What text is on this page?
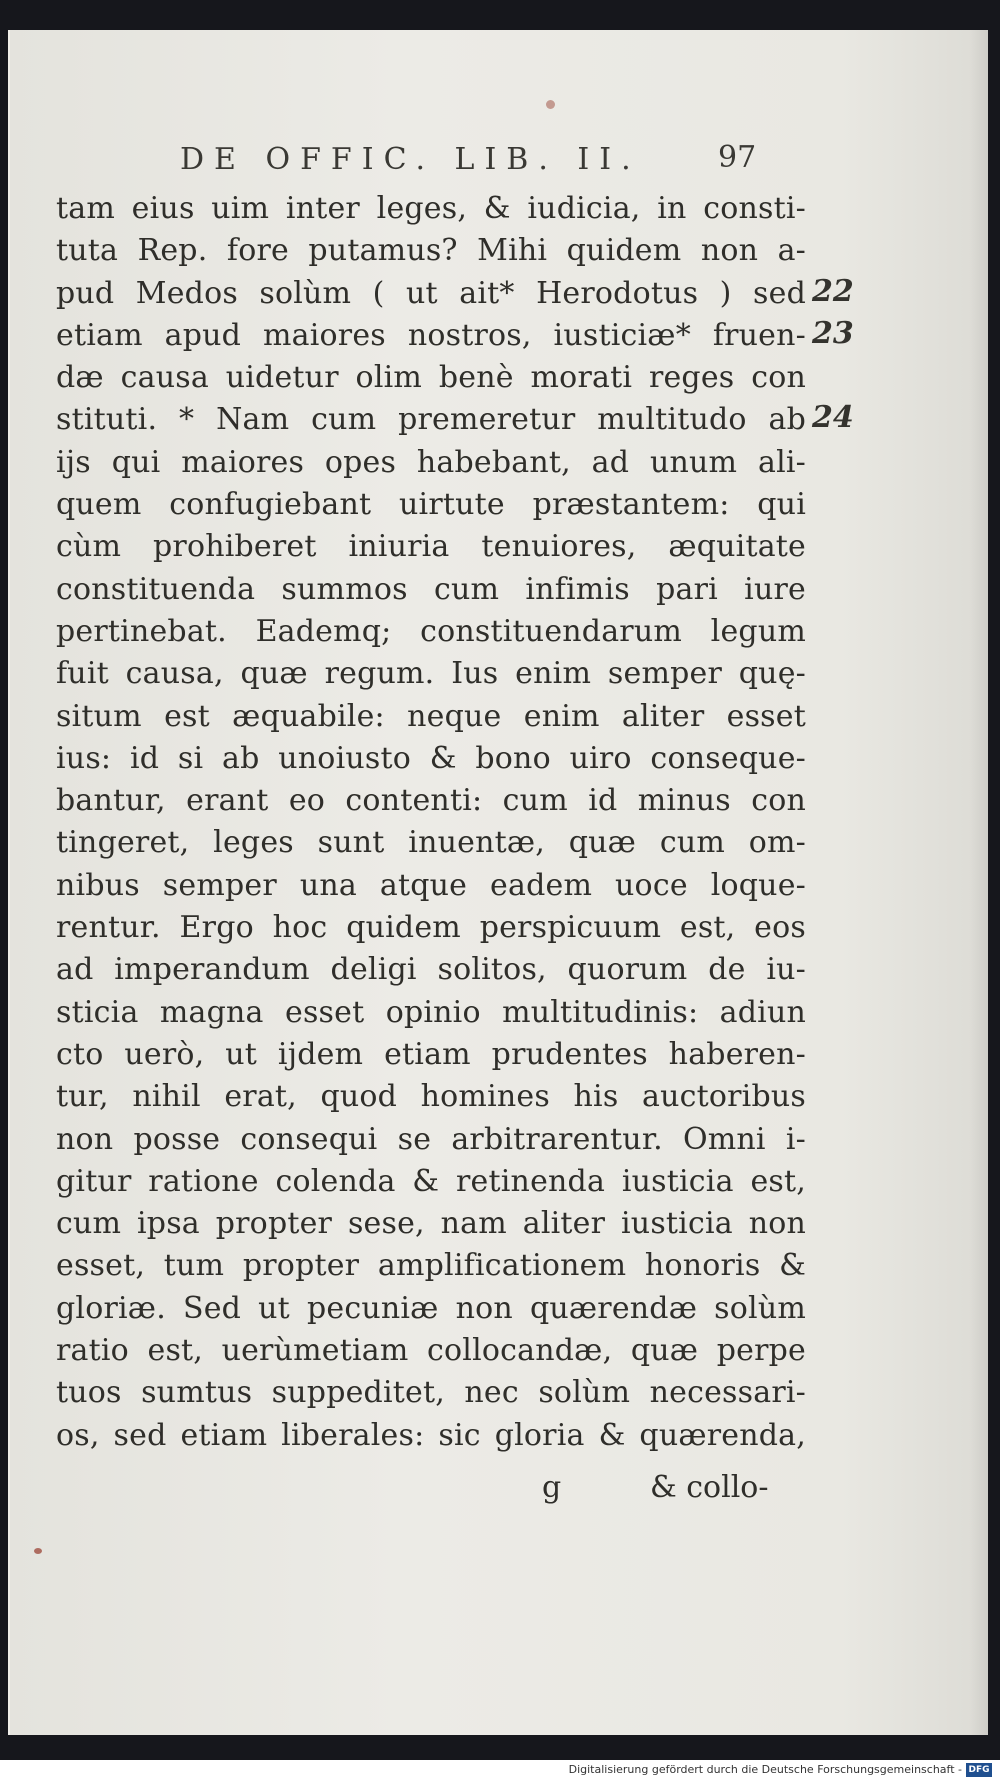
DE OFFIC. LIB. II.	97
tam eius uim inter leges, & iudicia, in consti-
tuta Rep. fore putamus? Mihi quidem non a-
pud Medos solùm ( ut ait* Herodotus ) sed
etiam apud maiores nostros, iusticiæ* fruen-
dæ causa uidetur olim benè morati reges con
stituti. * Nam cum premeretur multitudo ab
ijs qui maiores opes habebant, ad unum ali-
quem confugiebant uirtute præstantem: qui
cùm prohiberet iniuria tenuiores, æquitate
constituenda summos cum infimis pari iure
pertinebat. Eademq; constituendarum legum
fuit causa, quæ regum. Ius enim semper quę-
situm est æquabile: neque enim aliter esset
ius: id si ab unoiusto & bono uiro conseque-
bantur, erant eo contenti: cum id minus con
tingeret, leges sunt inuentæ, quæ cum om-
nibus semper una atque eadem uoce loque-
rentur. Ergo hoc quidem perspicuum est, eos
ad imperandum deligi solitos, quorum de iu-
sticia magna esset opinio multitudinis: adiun
cto uerò, ut ijdem etiam prudentes haberen-
tur, nihil erat, quod homines his auctoribus
non posse consequi se arbitrarentur. Omni i-
gitur ratione colenda & retinenda iusticia est,
cum ipsa propter sese, nam aliter iusticia non
esset, tum propter amplificationem honoris &
gloriæ. Sed ut pecuniæ non quærendæ solùm
ratio est, uerùmetiam collocandæ, quæ perpe
tuos sumtus suppeditet, nec solùm necessari-
os, sed etiam liberales: sic gloria & quærenda,
22
23
24
g	& collo-
Digitalisierung gefördert durch die Deutsche Forschungsgemeinschaft - DFG
